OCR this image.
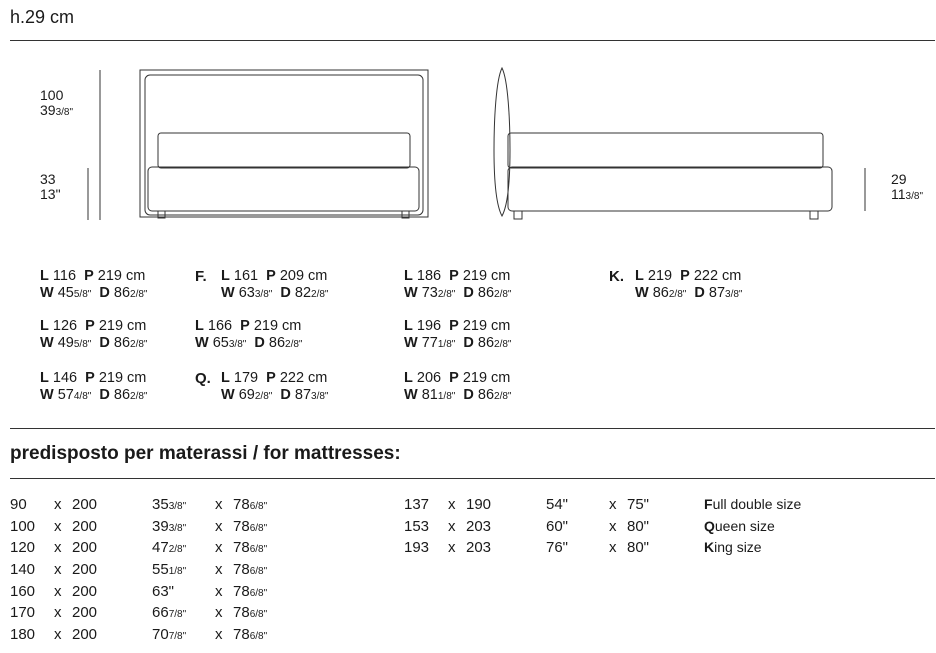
h.29 cm
100
393/8"
33
13"
29
113/8"
L 116  P 219 cm
W 455/8" D 862/8"
L 126  P 219 cm
W 495/8" D 862/8"
L 146  P 219 cm
W 574/8" D 862/8"
F. L 161  P 209 cm
W 633/8" D 822/8"
L 166  P 219 cm
W 653/8" D 862/8"
Q. L 179  P 222 cm
W 692/8" D 873/8"
L 186  P 219 cm
W 732/8" D 862/8"
L 196  P 219 cm
W 771/8" D 862/8"
L 206  P 219 cm
W 811/8" D 862/8"
K. L 219  P 222 cm
W 862/8" D 873/8"
predisposto per materassi / for mattresses:
90 x 200	353/8" x 786/8"
100 x 200	393/8" x 786/8"
120 x 200	472/8" x 786/8"
140 x 200	551/8" x 786/8"
160 x 200	63"	x 786/8"
170 x 200	667/8" x 786/8"
180 x 200	707/8" x 786/8"
137 x 190	54"	x 75"	Full double size
153 x 203	60"	x 80"	Queen size
193 x 203	76"	x 80"	King size
